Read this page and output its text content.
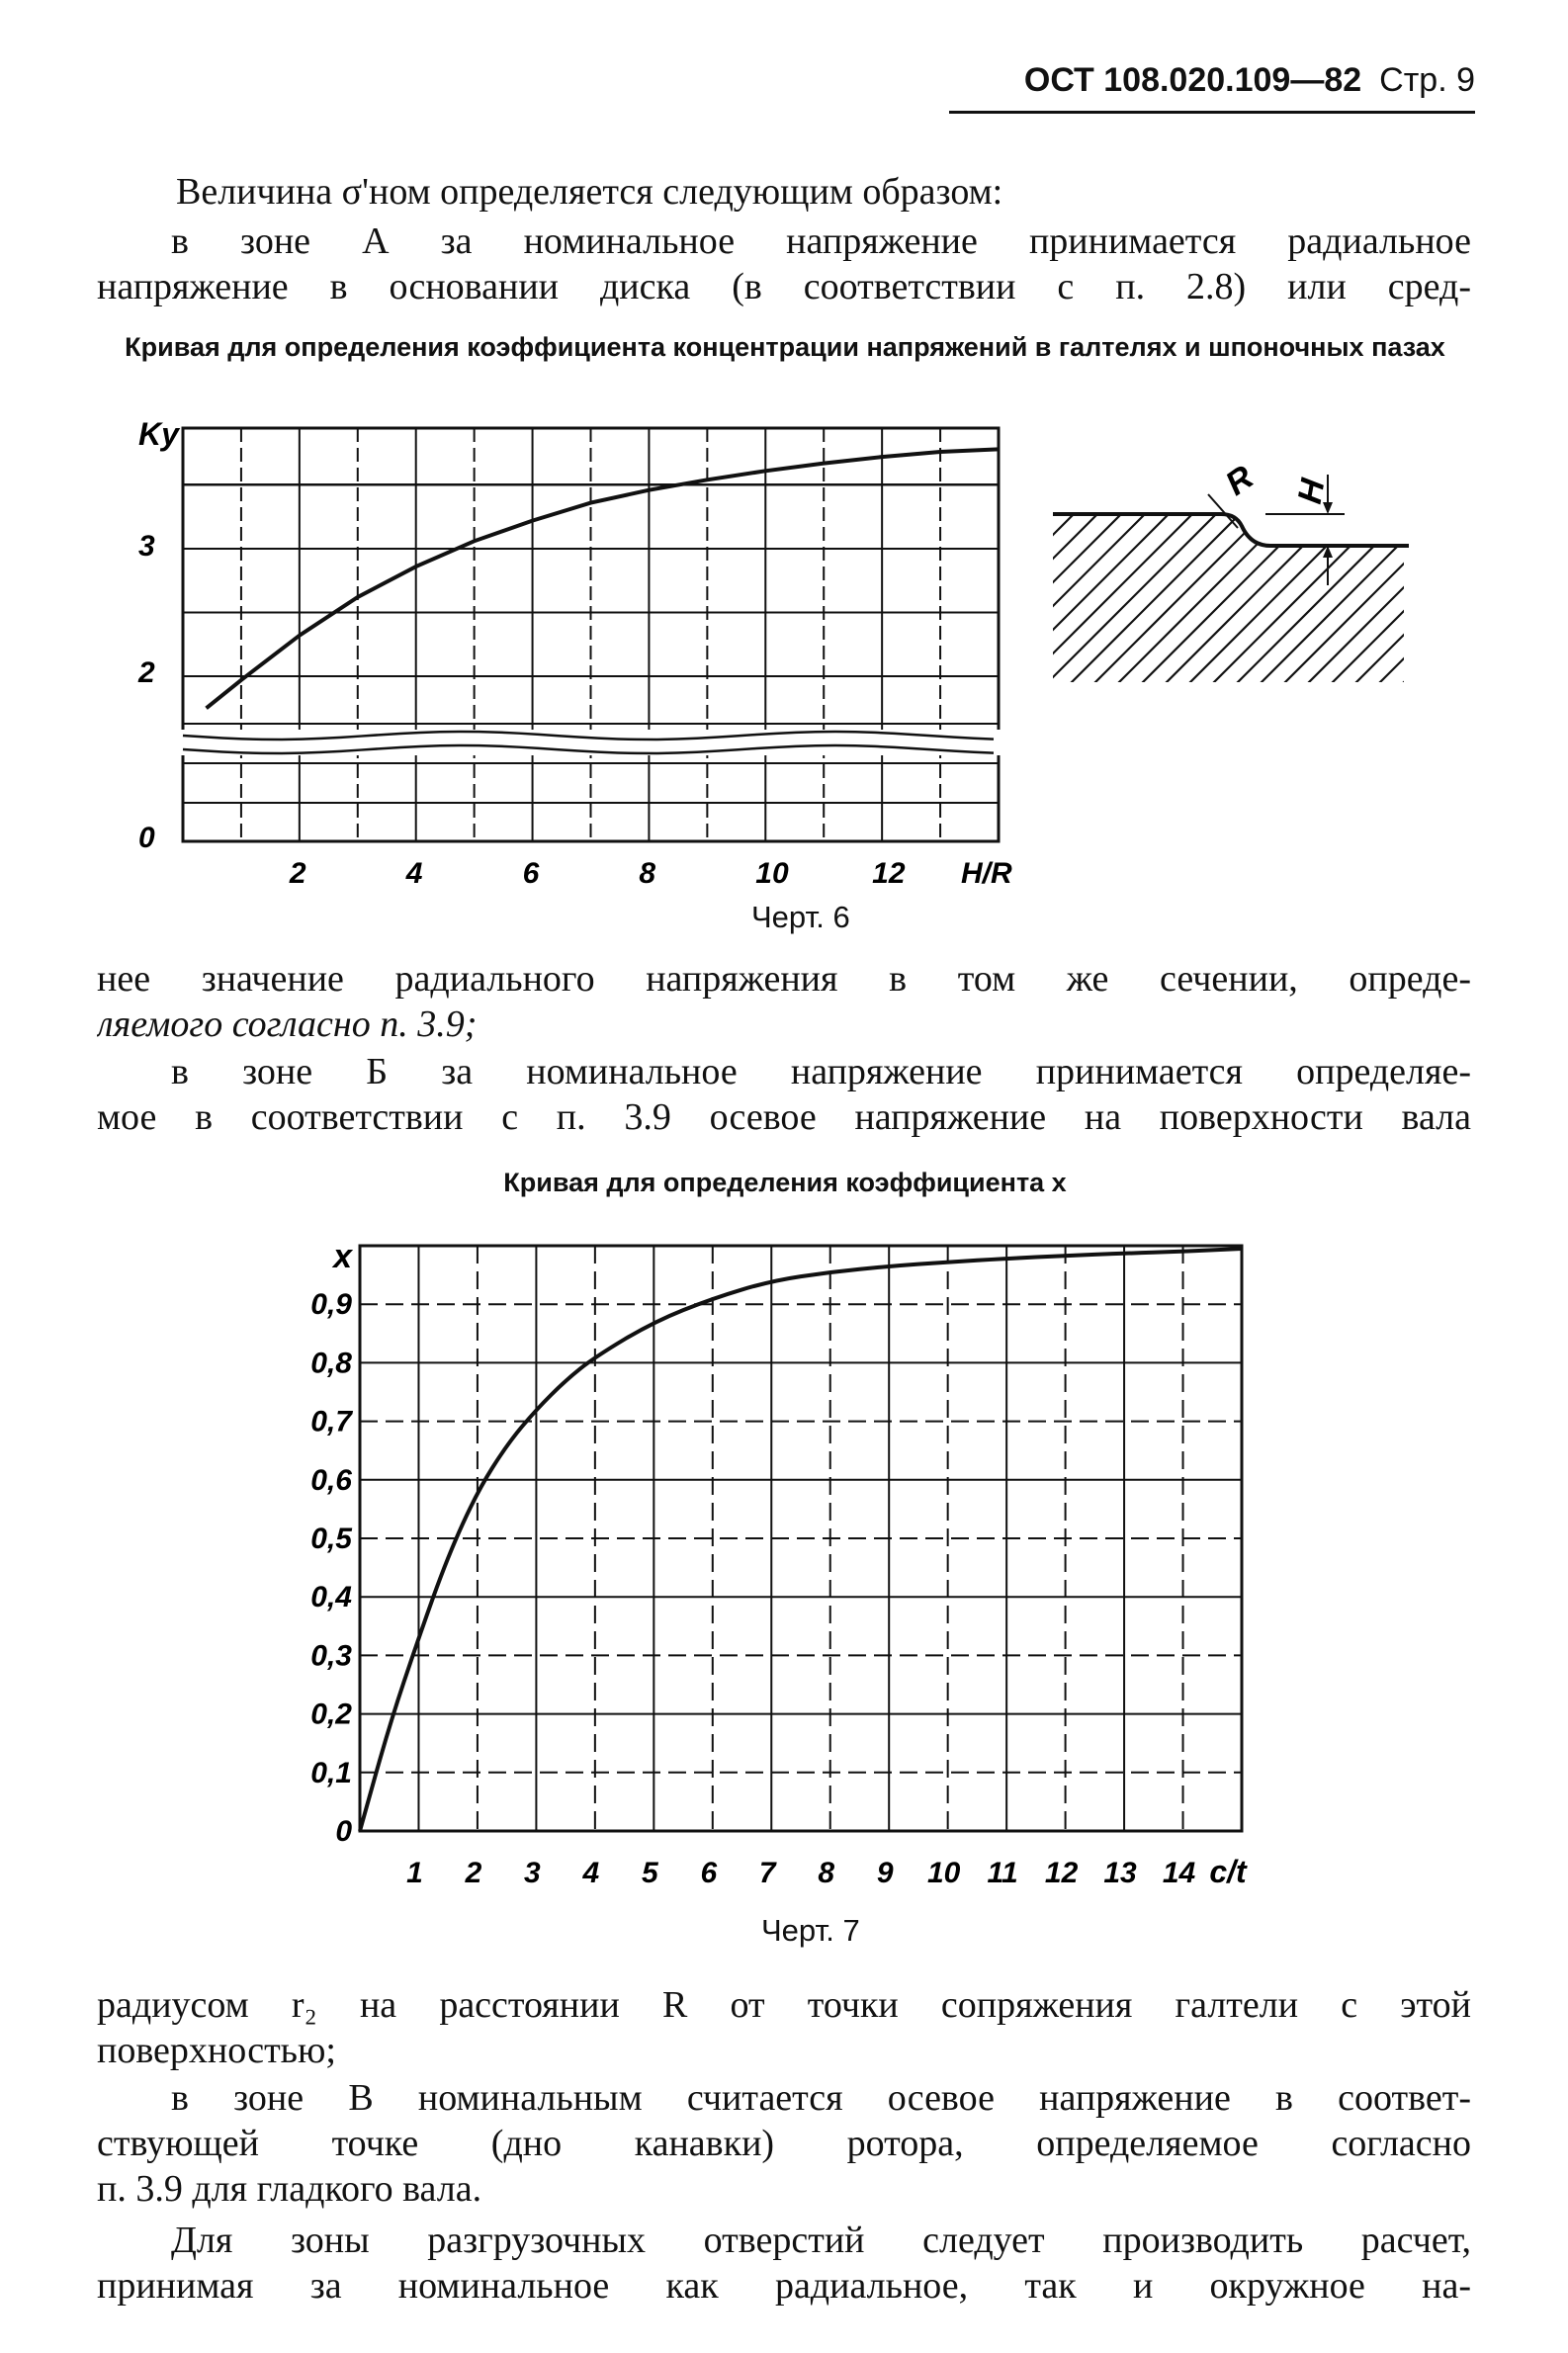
ОСТ 108.020.109—82 Стр. 9

Величина σ'ном определяется следующим образом:

в зоне А за номинальное напряжение принимается радиальное

напряжение в основании диска (в соответствии с п. 2.8) или сред-

Кривая для определения коэффициента концентрации напряжений в галтелях и шпоночных пазах
0
2
3
Kу
2	4	6	8	10	12 H/R
R H
Черт. 6

нее значение радиального напряжения в том же сечении, опреде-

ляемого согласно п. 3.9;

в зоне Б за номинальное напряжение принимается определяе-

мое в соответствии с п. 3.9 осевое напряжение на поверхности вала

Кривая для определения коэффициента x
0
0,1
0,2
0,3
0,4
0,5
0,6
0,7
0,8
0,9
x
1 2 3 4 5 6 7 8 9 10 11 12 13 14 c/t
Черт. 7

радиусом r₂ на расстоянии R от точки сопряжения галтели с этой

поверхностью;

в зоне В номинальным считается осевое напряжение в соответ-

ствующей точке (дно канавки) ротора, определяемое согласно

п. 3.9 для гладкого вала.

Для зоны разгрузочных отверстий следует производить расчет,

принимая за номинальное как радиальное, так и окружное на-
